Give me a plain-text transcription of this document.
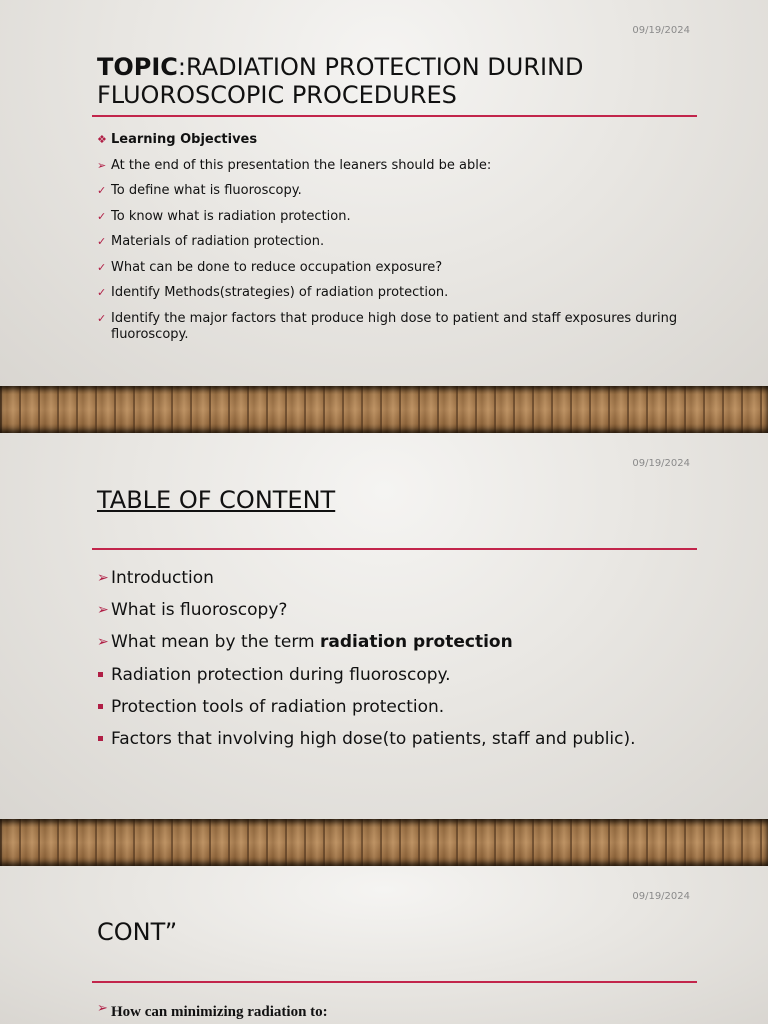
09/19/2024
TOPIC:RADIATION PROTECTION DURIND FLUOROSCOPIC PROCEDURES
❖ Learning Objectives
➢ At the end of this presentation the leaners should be able:
✓ To define what is fluoroscopy.
✓ To know what is radiation protection.
✓ Materials of radiation protection.
✓ What can be done to reduce occupation exposure?
✓ Identify Methods(strategies) of radiation protection.
✓ Identify the major factors that produce high dose to patient and staff exposures during fluoroscopy.
09/19/2024
TABLE OF CONTENT
➢ Introduction
➢ What is fluoroscopy?
➢ What mean by the term radiation protection
Radiation protection during fluoroscopy.
Protection tools of radiation protection.
Factors that involving high dose(to patients, staff and public).
09/19/2024
CONT”
➢ How can minimizing radiation to:
